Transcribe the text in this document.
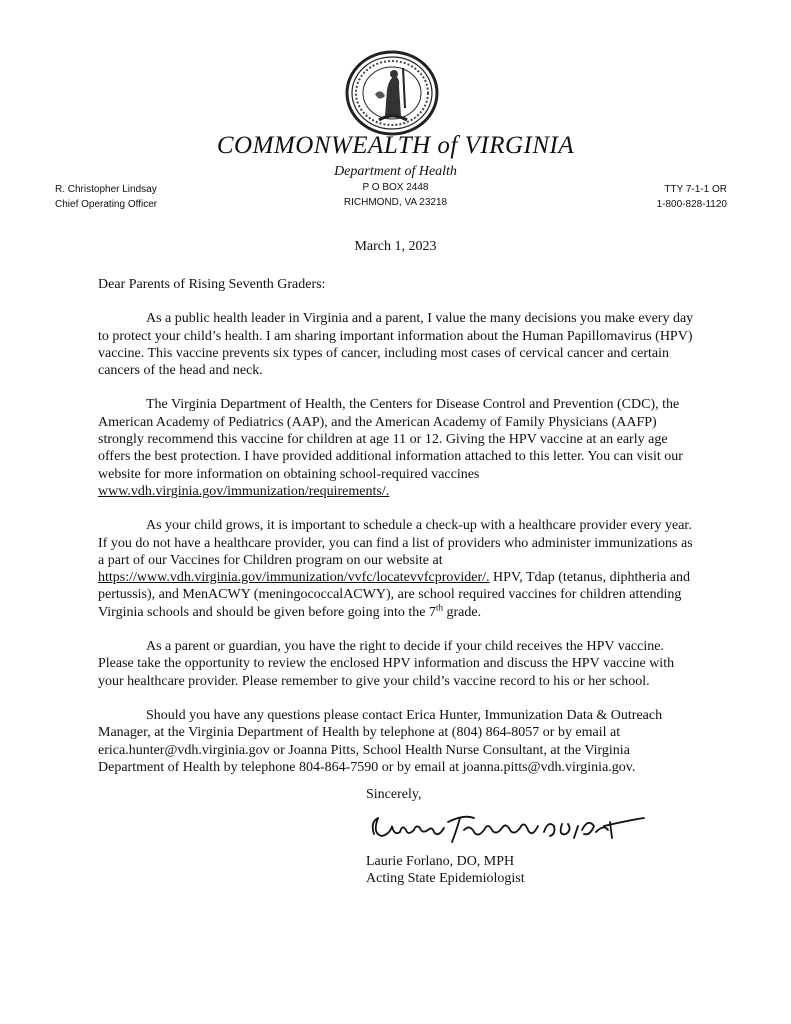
COMMONWEALTH of VIRGINIA
Department of Health
P O BOX 2448
RICHMOND, VA 23218
R. Christopher Lindsay
Chief Operating Officer
TTY 7-1-1 OR
1-800-828-1120
March 1, 2023

Dear Parents of Rising Seventh Graders:

As a public health leader in Virginia and a parent, I value the many decisions you make every day to protect your child’s health. I am sharing important information about the Human Papillomavirus (HPV) vaccine. This vaccine prevents six types of cancer, including most cases of cervical cancer and certain cancers of the head and neck.

The Virginia Department of Health, the Centers for Disease Control and Prevention (CDC), the American Academy of Pediatrics (AAP), and the American Academy of Family Physicians (AAFP) strongly recommend this vaccine for children at age 11 or 12. Giving the HPV vaccine at an early age offers the best protection. I have provided additional information attached to this letter. You can visit our website for more information on obtaining school-required vaccines www.vdh.virginia.gov/immunization/requirements/.

As your child grows, it is important to schedule a check-up with a healthcare provider every year. If you do not have a healthcare provider, you can find a list of providers who administer immunizations as a part of our Vaccines for Children program on our website at https://www.vdh.virginia.gov/immunization/vvfc/locatevvfcprovider/. HPV, Tdap (tetanus, diphtheria and pertussis), and MenACWY (meningococcalACWY), are school required vaccines for children attending Virginia schools and should be given before going into the 7th grade.

As a parent or guardian, you have the right to decide if your child receives the HPV vaccine. Please take the opportunity to review the enclosed HPV information and discuss the HPV vaccine with your healthcare provider. Please remember to give your child’s vaccine record to his or her school.

Should you have any questions please contact Erica Hunter, Immunization Data & Outreach Manager, at the Virginia Department of Health by telephone at (804) 864-8057 or by email at erica.hunter@vdh.virginia.gov or Joanna Pitts, School Health Nurse Consultant, at the Virginia Department of Health by telephone 804-864-7590 or by email at joanna.pitts@vdh.virginia.gov.

Sincerely,
Laurie Forlano, DO, MPH
Acting State Epidemiologist
